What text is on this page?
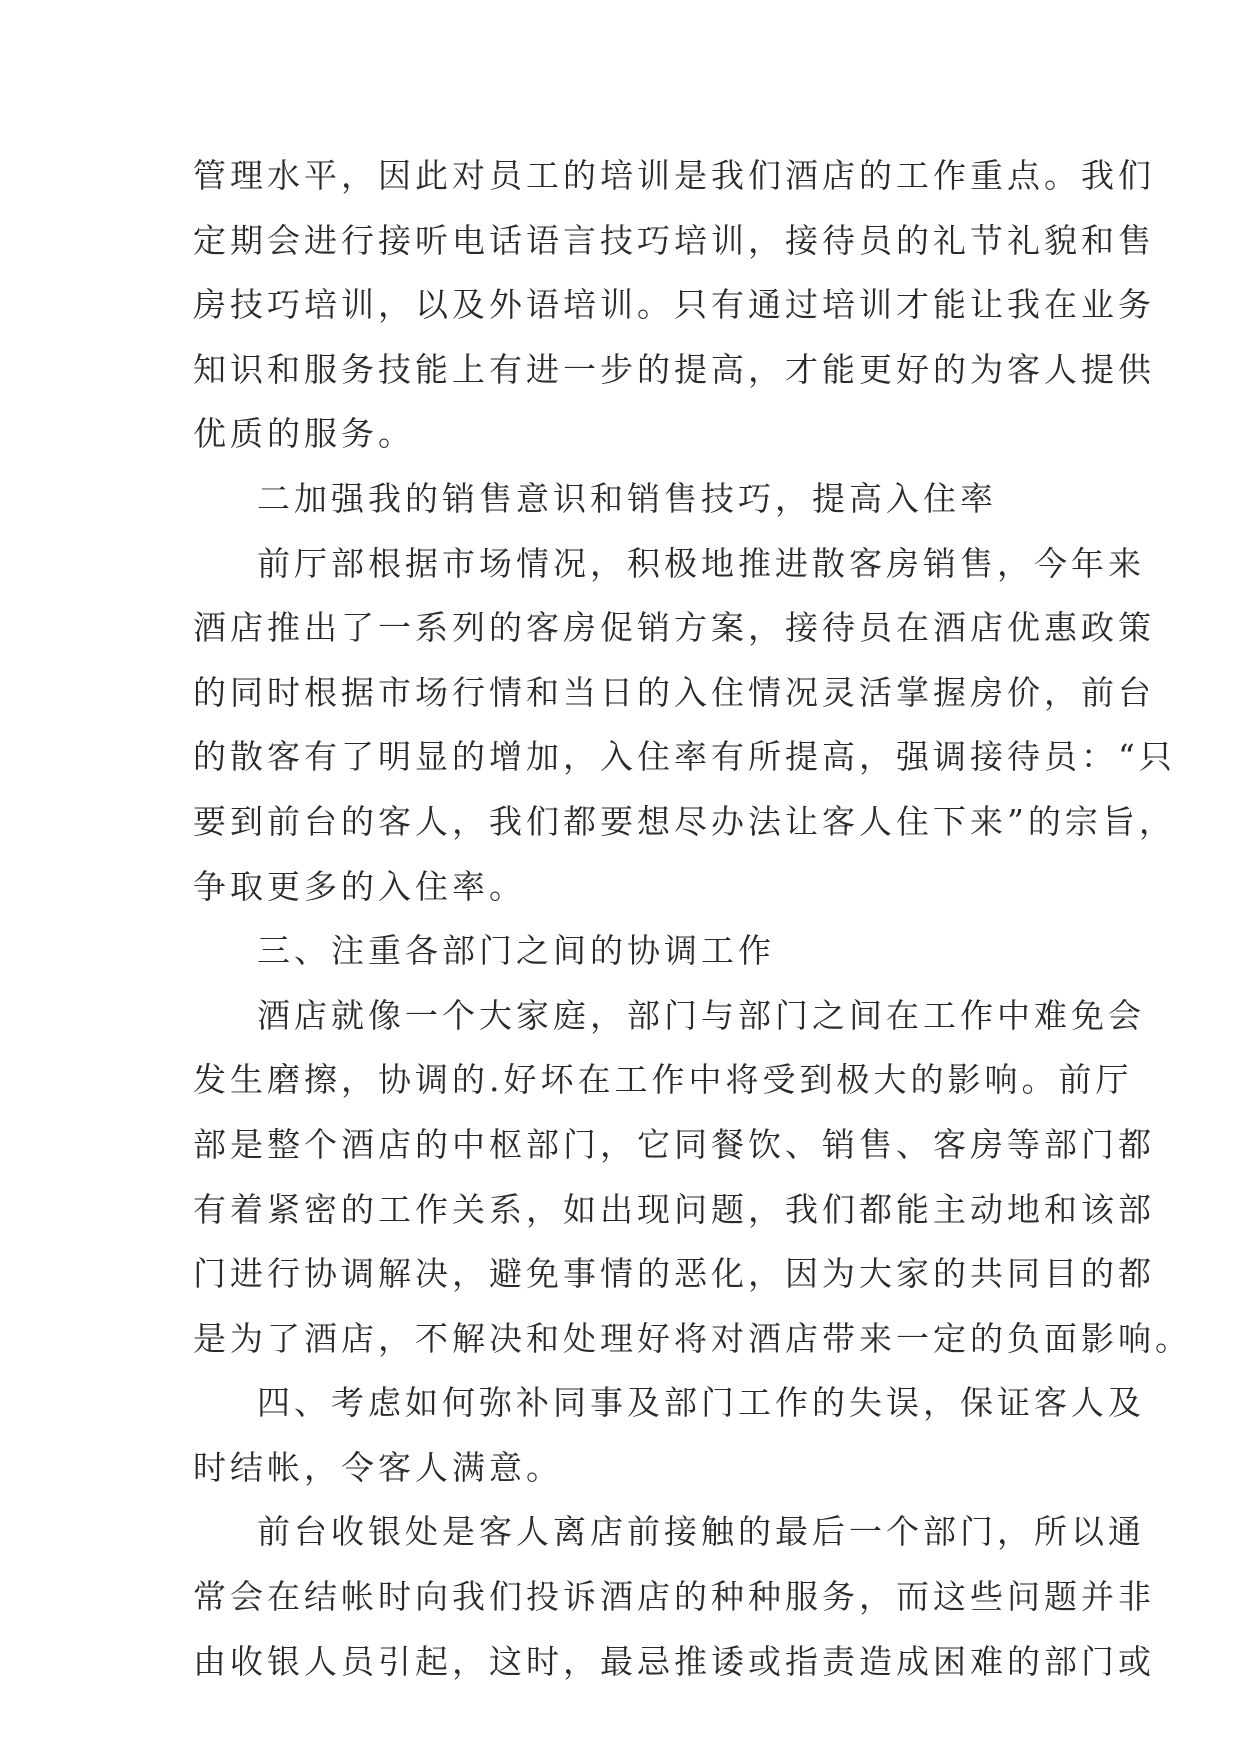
管理水平，因此对员工的培训是我们酒店的工作重点。我们
定期会进行接听电话语言技巧培训，接待员的礼节礼貌和售
房技巧培训，以及外语培训。只有通过培训才能让我在业务
知识和服务技能上有进一步的提高，才能更好的为客人提供
优质的服务。
二加强我的销售意识和销售技巧，提高入住率
前厅部根据市场情况，积极地推进散客房销售，今年来
酒店推出了一系列的客房促销方案，接待员在酒店优惠政策
的同时根据市场行情和当日的入住情况灵活掌握房价，前台
的散客有了明显的增加，入住率有所提高，强调接待员：“只
要到前台的客人，我们都要想尽办法让客人住下来”的宗旨，
争取更多的入住率。
三、注重各部门之间的协调工作
酒店就像一个大家庭，部门与部门之间在工作中难免会
发生磨擦，协调的.好坏在工作中将受到极大的影响。前厅
部是整个酒店的中枢部门，它同餐饮、销售、客房等部门都
有着紧密的工作关系，如出现问题，我们都能主动地和该部
门进行协调解决，避免事情的恶化，因为大家的共同目的都
是为了酒店，不解决和处理好将对酒店带来一定的负面影响。
四、考虑如何弥补同事及部门工作的失误，保证客人及
时结帐，令客人满意。
前台收银处是客人离店前接触的最后一个部门，所以通
常会在结帐时向我们投诉酒店的种种服务，而这些问题并非
由收银人员引起，这时，最忌推诿或指责造成困难的部门或
